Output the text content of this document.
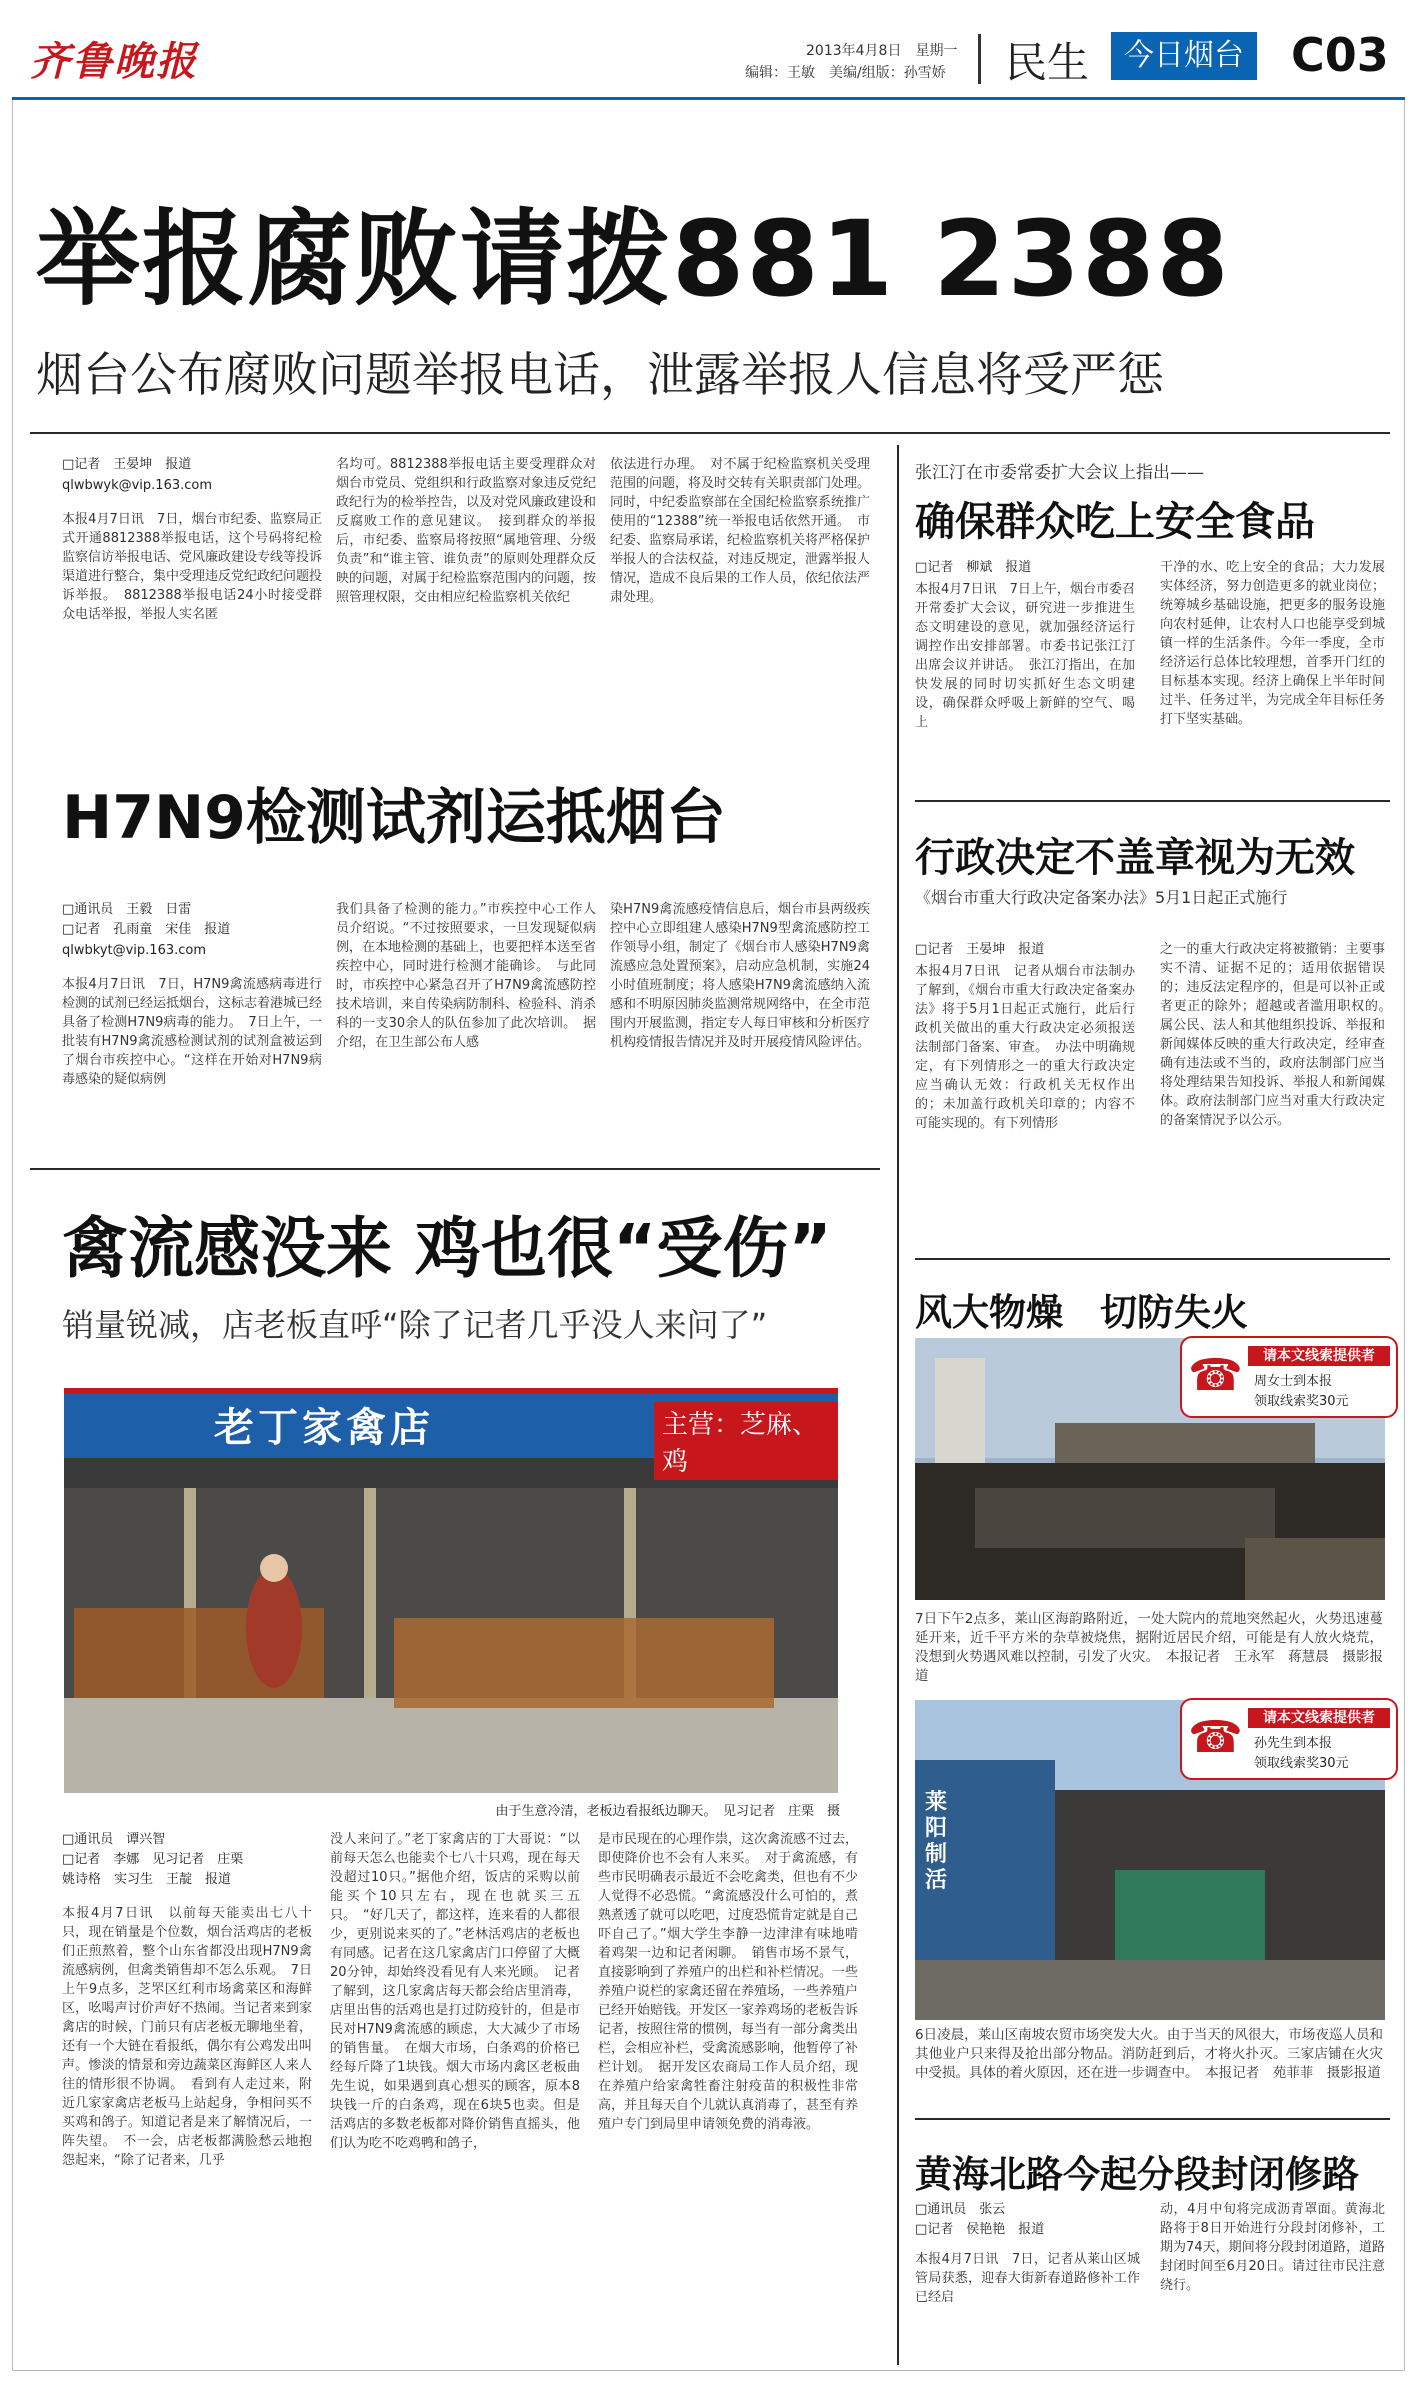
齐鲁晚报	2013年4月8日　星期一
编辑：王敏　美编/组版：孙雪娇 民生	今日烟台 C03
举报腐败请拨881 2388
烟台公布腐败问题举报电话，泄露举报人信息将受严惩
□记者　王晏坤　报道
qlwbwyk@vip.163.com
本报4月7日讯　7日，烟台市纪委、监察局正式开通8812388举报电话，这个号码将纪检监察信访举报电话、党风廉政建设专线等投诉渠道进行整合，集中受理违反党纪政纪问题投诉举报。　8812388举报电话24小时接受群众电话举报，举报人实名匿
名均可。8812388举报电话主要受理群众对烟台市党员、党组织和行政监察对象违反党纪政纪行为的检举控告，以及对党风廉政建设和反腐败工作的意见建议。　接到群众的举报后，市纪委、监察局将按照“属地管理、分级负责”和“谁主管、谁负责”的原则处理群众反映的问题，对属于纪检监察范围内的问题，按照管理权限，交由相应纪检监察机关依纪
依法进行办理。　对不属于纪检监察机关受理范围的问题，将及时交转有关职责部门处理。同时，中纪委监察部在全国纪检监察系统推广使用的“12388”统一举报电话依然开通。　市纪委、监察局承诺，纪检监察机关将严格保护举报人的合法权益，对违反规定，泄露举报人情况，造成不良后果的工作人员，依纪依法严肃处理。
H7N9检测试剂运抵烟台
□通讯员　王毅　日雷
□记者　孔雨童　宋佳　报道
qlwbkyt@vip.163.com
本报4月7日讯　7日，H7N9禽流感病毒进行检测的试剂已经运抵烟台，这标志着港城已经具备了检测H7N9病毒的能力。　7日上午，一批装有H7N9禽流感检测试剂的试剂盒被运到了烟台市疾控中心。“这样在开始对H7N9病毒感染的疑似病例
我们具备了检测的能力。”市疾控中心工作人员介绍说。“不过按照要求，一旦发现疑似病例，在本地检测的基础上，也要把样本送至省疾控中心，同时进行检测才能确诊。　与此同时，市疾控中心紧急召开了H7N9禽流感防控技术培训，来自传染病防制科、检验科、消杀科的一支30余人的队伍参加了此次培训。　据介绍，在卫生部公布人感
染H7N9禽流感疫情信息后，烟台市县两级疾控中心立即组建人感染H7N9型禽流感防控工作领导小组，制定了《烟台市人感染H7N9禽流感应急处置预案》，启动应急机制，实施24小时值班制度；将人感染H7N9禽流感纳入流感和不明原因肺炎监测常规网络中，在全市范围内开展监测，指定专人每日审核和分析医疗机构疫情报告情况并及时开展疫情风险评估。
禽流感没来 鸡也很“受伤”
销量锐减，店老板直呼“除了记者几乎没人来问了”
老丁家禽店	主营：芝麻、鸡
由于生意冷清，老板边看报纸边聊天。　见习记者　庄栗　摄
□通讯员　谭兴智
□记者　李娜　见习记者　庄栗
姚诗格　实习生　王靛　报道
本报4月7日讯　以前每天能卖出七八十只，现在销量是个位数，烟台活鸡店的老板们正煎熬着，整个山东省都没出现H7N9禽流感病例，但禽类销售却不怎么乐观。　7日上午9点多，芝罘区红利市场禽菜区和海鲜区，吆喝声讨价声好不热闹。当记者来到家禽店的时候，门前只有店老板无聊地坐着，还有一个大链在看报纸，偶尔有公鸡发出叫声。惨淡的情景和旁边蔬菜区海鲜区人来人往的情形很不协调。　看到有人走过来，附近几家家禽店老板马上站起身，争相问买不买鸡和鸽子。知道记者是来了解情况后，一阵失望。　不一会，店老板都满脸愁云地抱怨起来，“除了记者来，几乎
没人来问了。”老丁家禽店的丁大哥说：“以前每天怎么也能卖个七八十只鸡，现在每天没超过10只。”据他介绍，饭店的采购以前能买个10只左右，现在也就买三五只。　“好几天了，都这样，连来看的人都很少，更别说来买的了。”老林活鸡店的老板也有同感。记者在这几家禽店门口停留了大概20分钟，却始终没看见有人来光顾。　记者了解到，这几家禽店每天都会给店里消毒，店里出售的活鸡也是打过防疫针的，但是市民对H7N9禽流感的顾虑，大大减少了市场的销售量。　在烟大市场，白条鸡的价格已经每斤降了1块钱。烟大市场内禽区老板曲先生说，如果遇到真心想买的顾客，原本8块钱一斤的白条鸡，现在6块5也卖。但是活鸡店的多数老板都对降价销售直摇头，他们认为吃不吃鸡鸭和鸽子，
是市民现在的心理作祟，这次禽流感不过去，即使降价也不会有人来买。　对于禽流感，有些市民明确表示最近不会吃禽类，但也有不少人觉得不必恐慌。“禽流感没什么可怕的，煮熟煮透了就可以吃吧，过度恐慌肯定就是自己吓自己了。”烟大学生李静一边津津有味地啃着鸡架一边和记者闲聊。　销售市场不景气，直接影响到了养殖户的出栏和补栏情况。一些养殖户说栏的家禽还留在养殖场，一些养殖户已经开始赔钱。开发区一家养鸡场的老板告诉记者，按照往常的惯例，每当有一部分禽类出栏，会相应补栏，受禽流感影响，他暂停了补栏计划。　据开发区农商局工作人员介绍，现在养殖户给家禽牲畜注射疫苗的积极性非常高，并且每天自个儿就认真消毒了，甚至有养殖户专门到局里申请领免费的消毒液。
张江汀在市委常委扩大会议上指出——
确保群众吃上安全食品
□记者　柳斌　报道
本报4月7日讯　7日上午，烟台市委召开常委扩大会议，研究进一步推进生态文明建设的意见，就加强经济运行调控作出安排部署。市委书记张江汀出席会议并讲话。　张江汀指出，在加快发展的同时切实抓好生态文明建设，确保群众呼吸上新鲜的空气、喝上
干净的水、吃上安全的食品；大力发展实体经济，努力创造更多的就业岗位；统筹城乡基础设施，把更多的服务设施向农村延伸，让农村人口也能享受到城镇一样的生活条件。今年一季度，全市经济运行总体比较理想，首季开门红的目标基本实现。经济上确保上半年时间过半、任务过半，为完成全年目标任务打下坚实基础。
行政决定不盖章视为无效
《烟台市重大行政决定备案办法》5月1日起正式施行
□记者　王晏坤　报道
本报4月7日讯　记者从烟台市法制办了解到，《烟台市重大行政决定备案办法》将于5月1日起正式施行，此后行政机关做出的重大行政决定必须报送法制部门备案、审查。　办法中明确规定，有下列情形之一的重大行政决定应当确认无效：行政机关无权作出的；未加盖行政机关印章的；内容不可能实现的。有下列情形
之一的重大行政决定将被撤销：主要事实不清、证据不足的；适用依据错误的；违反法定程序的，但是可以补正或者更正的除外；超越或者滥用职权的。　属公民、法人和其他组织投诉、举报和新闻媒体反映的重大行政决定，经审查确有违法或不当的，政府法制部门应当将处理结果告知投诉、举报人和新闻媒体。政府法制部门应当对重大行政决定的备案情况予以公示。
风大物燥　切防失火
☎	请本文线索提供者
周女士到本报
领取线索奖30元
7日下午2点多，莱山区海韵路附近，一处大院内的荒地突然起火，火势迅速蔓延开来，近千平方米的杂草被烧焦，据附近居民介绍，可能是有人放火烧荒，没想到火势遇风难以控制，引发了火灾。　本报记者　王永军　蒋慧晨　摄影报道
莱阳制活
☎	请本文线索提供者
孙先生到本报
领取线索奖30元
6日凌晨，莱山区南坡农贸市场突发大火。由于当天的风很大，市场夜巡人员和其他业户只来得及抢出部分物品。消防赶到后，才将火扑灭。三家店铺在火灾中受损。具体的着火原因，还在进一步调查中。　本报记者　苑菲菲　摄影报道
黄海北路今起分段封闭修路
□通讯员　张云
□记者　侯艳艳　报道
本报4月7日讯　7日，记者从莱山区城管局获悉，迎春大街新春道路修补工作已经启
动，4月中旬将完成沥青罩面。黄海北路将于8日开始进行分段封闭修补，工期为74天，期间将分段封闭道路，道路封闭时间至6月20日。请过往市民注意绕行。
